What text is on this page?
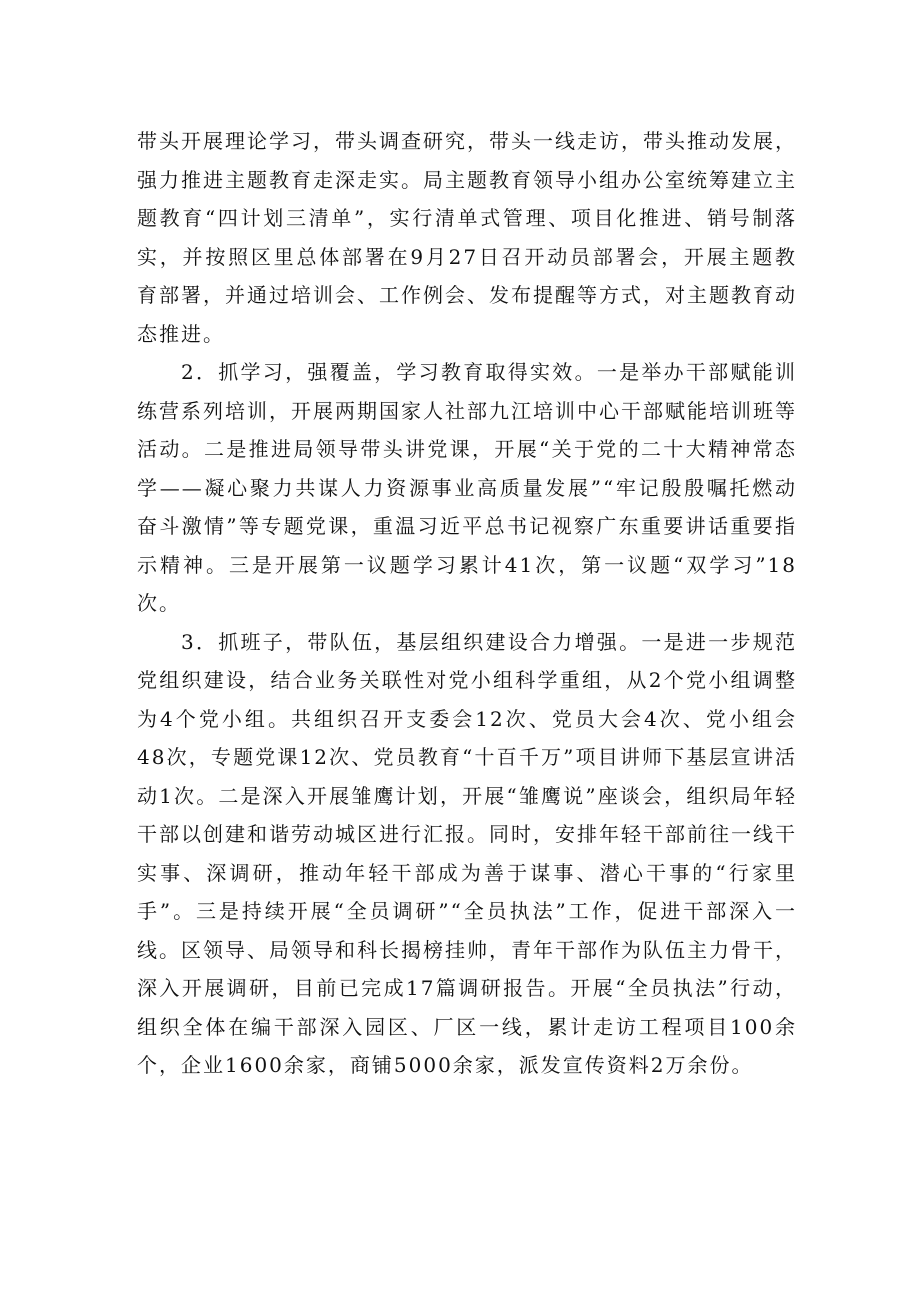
带头开展理论学习，带头调查研究，带头一线走访，带头推动发展，强力推进主题教育走深走实。局主题教育领导小组办公室统筹建立主题教育“四计划三清单”，实行清单式管理、项目化推进、销号制落实，并按照区里总体部署在9月27日召开动员部署会，开展主题教育部署，并通过培训会、工作例会、发布提醒等方式，对主题教育动态推进。

2．抓学习，强覆盖，学习教育取得实效。一是举办干部赋能训练营系列培训，开展两期国家人社部九江培训中心干部赋能培训班等活动。二是推进局领导带头讲党课，开展“关于党的二十大精神常态学——凝心聚力共谋人力资源事业高质量发展”“牢记殷殷嘱托燃动奋斗激情”等专题党课，重温习近平总书记视察广东重要讲话重要指示精神。三是开展第一议题学习累计41次，第一议题“双学习”18次。

3．抓班子，带队伍，基层组织建设合力增强。一是进一步规范党组织建设，结合业务关联性对党小组科学重组，从2个党小组调整为4个党小组。共组织召开支委会12次、党员大会4次、党小组会48次，专题党课12次、党员教育“十百千万”项目讲师下基层宣讲活动1次。二是深入开展雏鹰计划，开展“雏鹰说”座谈会，组织局年轻干部以创建和谐劳动城区进行汇报。同时，安排年轻干部前往一线干实事、深调研，推动年轻干部成为善于谋事、潜心干事的“行家里手”。三是持续开展“全员调研”“全员执法”工作，促进干部深入一线。区领导、局领导和科长揭榜挂帅，青年干部作为队伍主力骨干，深入开展调研，目前已完成17篇调研报告。开展“全员执法”行动，组织全体在编干部深入园区、厂区一线，累计走访工程项目100余个，企业1600余家，商铺5000余家，派发宣传资料2万余份。
